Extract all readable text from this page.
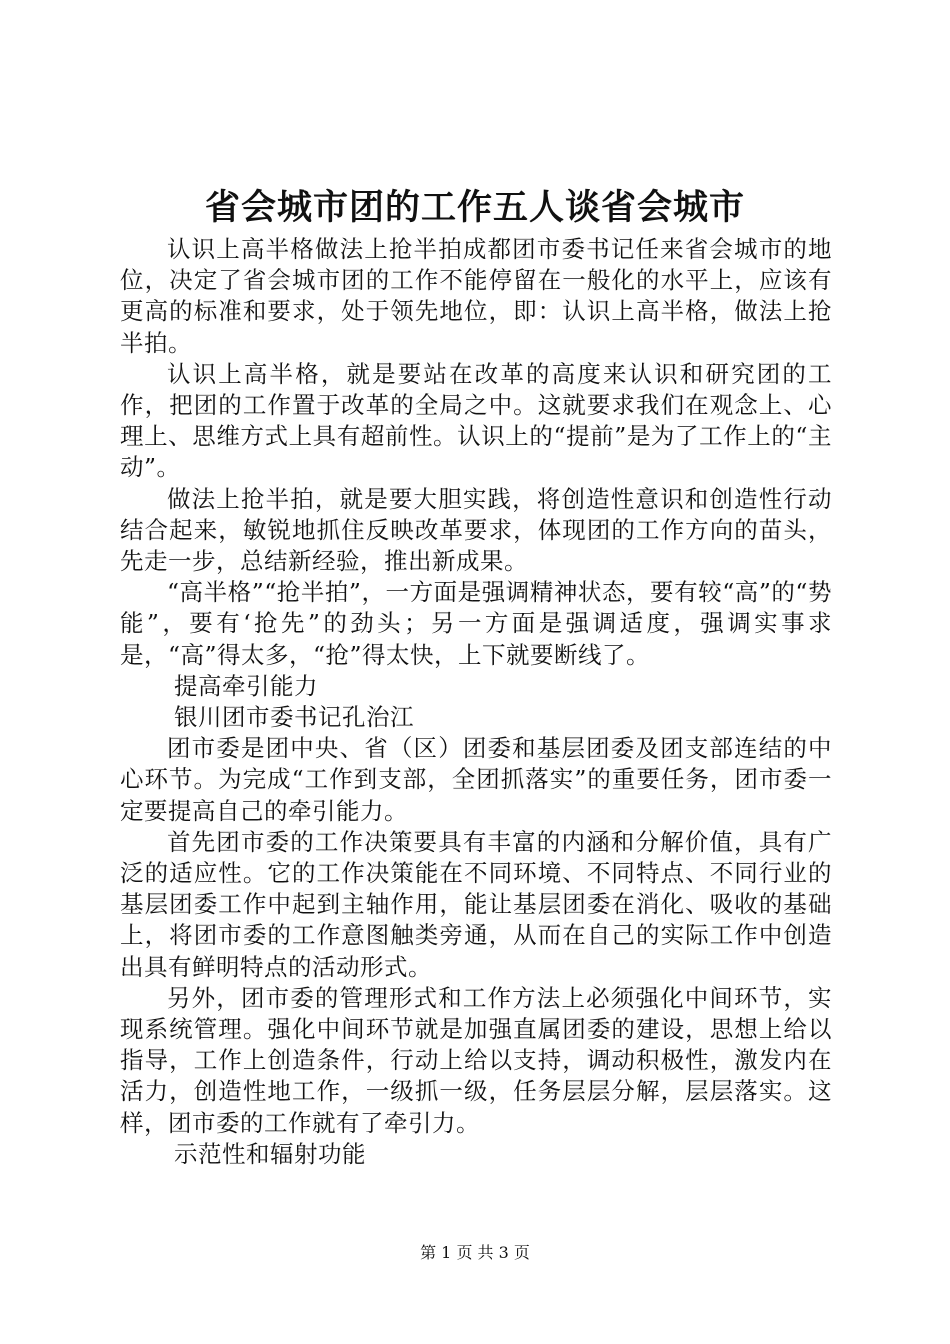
省会城市团的工作五人谈省会城市

认识上高半格做法上抢半拍成都团市委书记任来省会城市的地位，决定了省会城市团的工作不能停留在一般化的水平上，应该有更高的标准和要求，处于领先地位，即：认识上高半格，做法上抢半拍。

认识上高半格，就是要站在改革的高度来认识和研究团的工作，把团的工作置于改革的全局之中。这就要求我们在观念上、心理上、思维方式上具有超前性。认识上的“提前”是为了工作上的“主动”。

做法上抢半拍，就是要大胆实践，将创造性意识和创造性行动结合起来，敏锐地抓住反映改革要求，体现团的工作方向的苗头，先走一步，总结新经验，推出新成果。

“高半格”“抢半拍”，一方面是强调精神状态，要有较“高”的“势能”，要有‘抢先”的劲头；另一方面是强调适度，强调实事求是，“高”得太多，“抢”得太快，上下就要断线了。

提高牵引能力

银川团市委书记孔治江

团市委是团中央、省（区）团委和基层团委及团支部连结的中心环节。为完成“工作到支部，全团抓落实”的重要任务，团市委一定要提高自己的牵引能力。

首先团市委的工作决策要具有丰富的内涵和分解价值，具有广泛的适应性。它的工作决策能在不同环境、不同特点、不同行业的基层团委工作中起到主轴作用，能让基层团委在消化、吸收的基础上，将团市委的工作意图触类旁通，从而在自己的实际工作中创造出具有鲜明特点的活动形式。

另外，团市委的管理形式和工作方法上必须强化中间环节，实现系统管理。强化中间环节就是加强直属团委的建设，思想上给以指导，工作上创造条件，行动上给以支持，调动积极性，激发内在活力，创造性地工作，一级抓一级，任务层层分解，层层落实。这样，团市委的工作就有了牵引力。

示范性和辐射功能

第 1 页 共 3 页
